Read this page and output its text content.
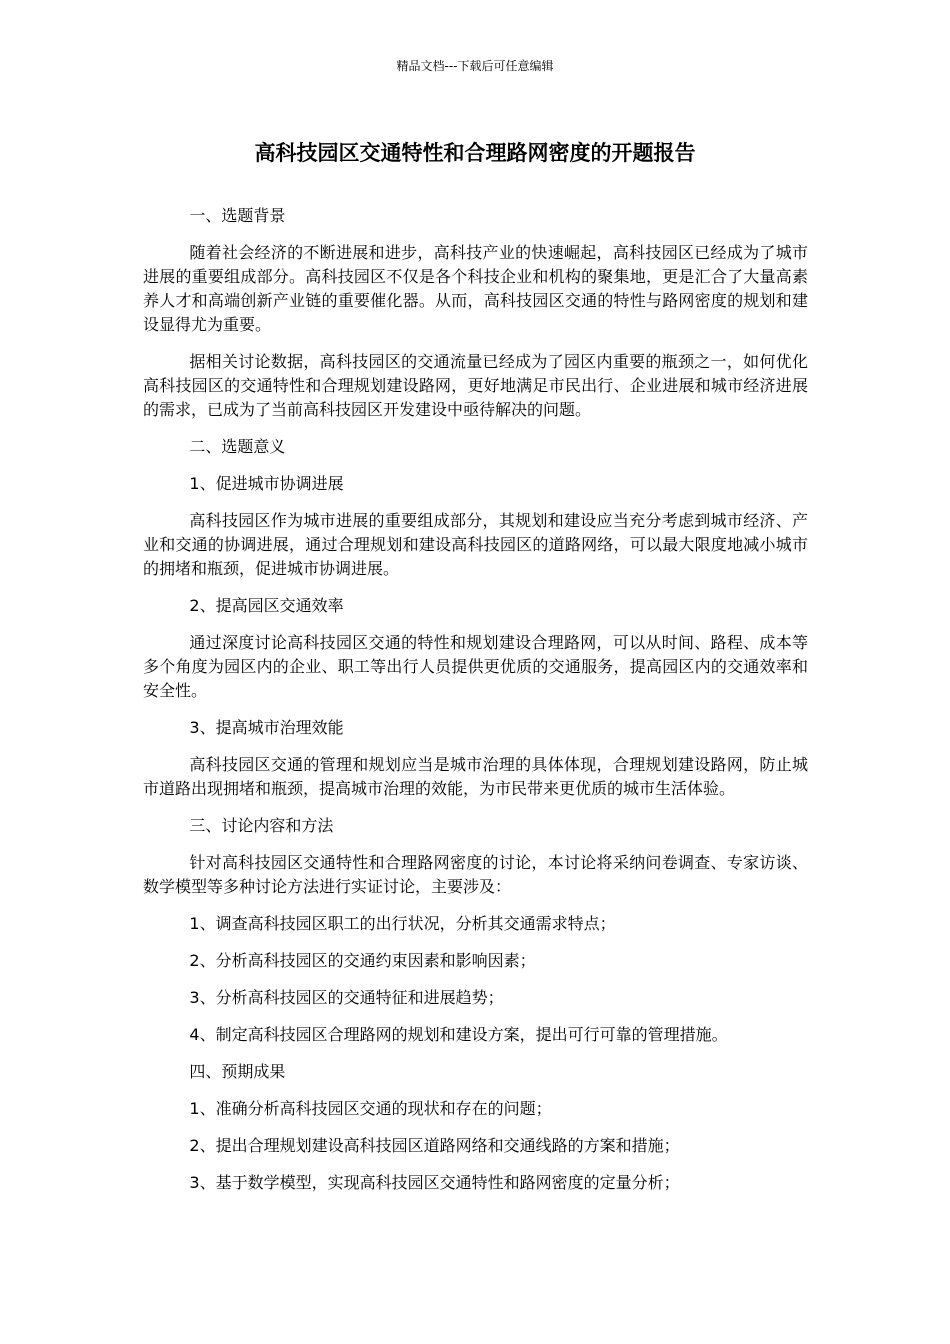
精品文档---下载后可任意编辑
高科技园区交通特性和合理路网密度的开题报告

一、选题背景

随着社会经济的不断进展和进步，高科技产业的快速崛起，高科技园区已经成为了城市进展的重要组成部分。高科技园区不仅是各个科技企业和机构的聚集地，更是汇合了大量高素养人才和高端创新产业链的重要催化器。从而，高科技园区交通的特性与路网密度的规划和建设显得尤为重要。

据相关讨论数据，高科技园区的交通流量已经成为了园区内重要的瓶颈之一，如何优化高科技园区的交通特性和合理规划建设路网，更好地满足市民出行、企业进展和城市经济进展的需求，已成为了当前高科技园区开发建设中亟待解决的问题。

二、选题意义

1、促进城市协调进展

高科技园区作为城市进展的重要组成部分，其规划和建设应当充分考虑到城市经济、产业和交通的协调进展，通过合理规划和建设高科技园区的道路网络，可以最大限度地减小城市的拥堵和瓶颈，促进城市协调进展。

2、提高园区交通效率

通过深度讨论高科技园区交通的特性和规划建设合理路网，可以从时间、路程、成本等多个角度为园区内的企业、职工等出行人员提供更优质的交通服务，提高园区内的交通效率和安全性。

3、提高城市治理效能

高科技园区交通的管理和规划应当是城市治理的具体体现，合理规划建设路网，防止城市道路出现拥堵和瓶颈，提高城市治理的效能，为市民带来更优质的城市生活体验。

三、讨论内容和方法

针对高科技园区交通特性和合理路网密度的讨论，本讨论将采纳问卷调查、专家访谈、数学模型等多种讨论方法进行实证讨论，主要涉及：

1、调查高科技园区职工的出行状况，分析其交通需求特点；

2、分析高科技园区的交通约束因素和影响因素；

3、分析高科技园区的交通特征和进展趋势；

4、制定高科技园区合理路网的规划和建设方案，提出可行可靠的管理措施。

四、预期成果

1、准确分析高科技园区交通的现状和存在的问题；

2、提出合理规划建设高科技园区道路网络和交通线路的方案和措施；

3、基于数学模型，实现高科技园区交通特性和路网密度的定量分析；
